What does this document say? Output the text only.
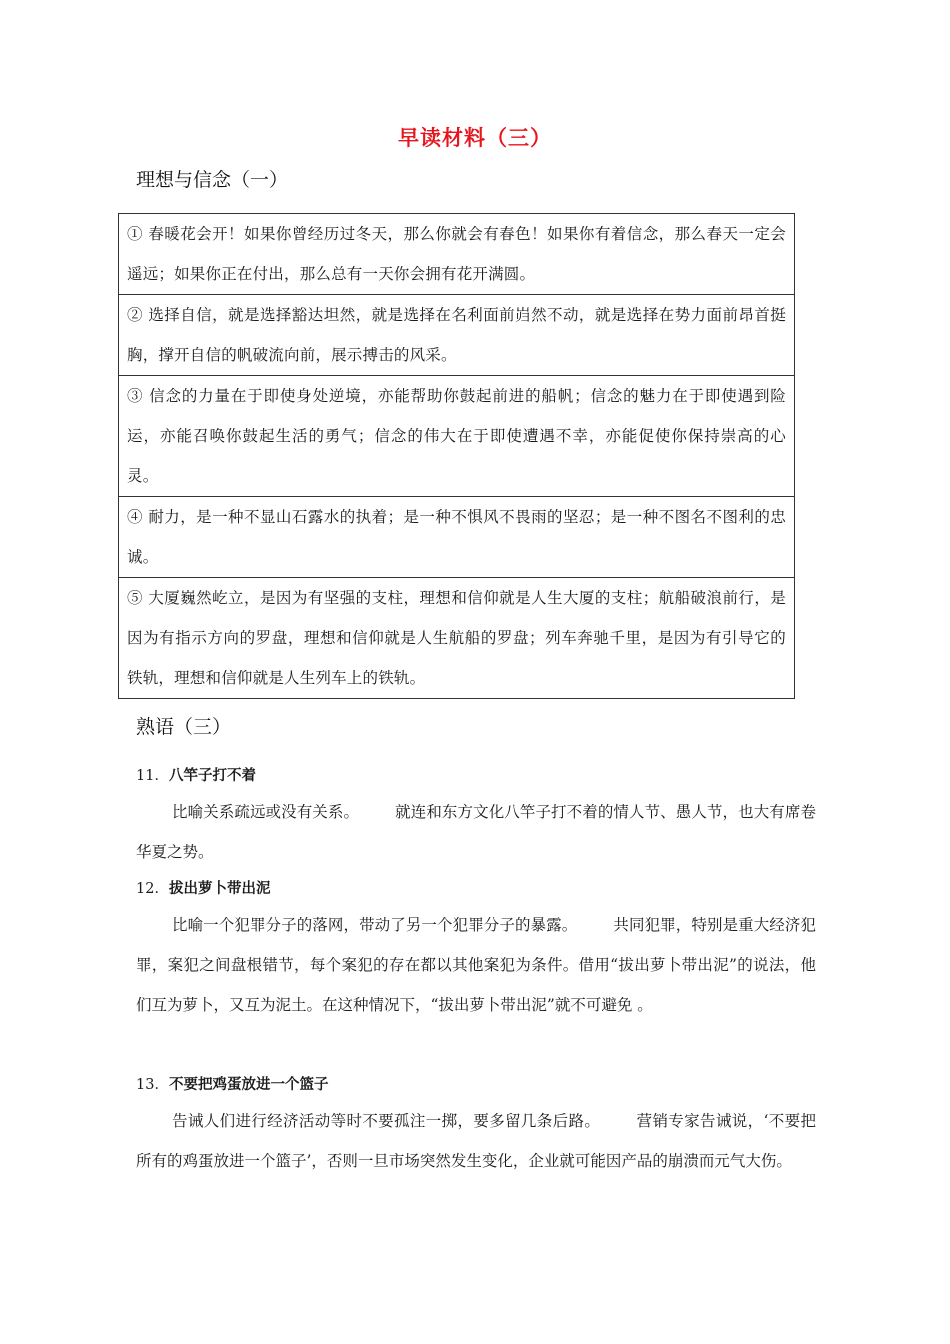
早读材料（三）
理想与信念（一）
① 春暖花会开！如果你曾经历过冬天，那么你就会有春色！如果你有着信念，那么春天一定会遥远；如果你正在付出，那么总有一天你会拥有花开满圆。
② 选择自信，就是选择豁达坦然，就是选择在名利面前岿然不动，就是选择在势力面前昂首挺胸，撑开自信的帆破流向前，展示搏击的风采。
③ 信念的力量在于即使身处逆境，亦能帮助你鼓起前进的船帆；信念的魅力在于即使遇到险运，亦能召唤你鼓起生活的勇气；信念的伟大在于即使遭遇不幸，亦能促使你保持崇高的心灵。
④ 耐力，是一种不显山石露水的执着；是一种不惧风不畏雨的坚忍；是一种不图名不图利的忠诚。
⑤ 大厦巍然屹立，是因为有坚强的支柱，理想和信仰就是人生大厦的支柱；航船破浪前行，是因为有指示方向的罗盘，理想和信仰就是人生航船的罗盘；列车奔驰千里，是因为有引导它的铁轨，理想和信仰就是人生列车上的铁轨。
熟语（三）
11．八竿子打不着
比喻关系疏远或没有关系。 就连和东方文化八竿子打不着的情人节、愚人节，也大有席卷华夏之势。
12．拔出萝卜带出泥
比喻一个犯罪分子的落网，带动了另一个犯罪分子的暴露。 共同犯罪，特别是重大经济犯罪，案犯之间盘根错节，每个案犯的存在都以其他案犯为条件。借用“拔出萝卜带出泥”的说法，他们互为萝卜，又互为泥土。在这种情况下，“拔出萝卜带出泥”就不可避免 。
13．不要把鸡蛋放进一个篮子
告诫人们进行经济活动等时不要孤注一掷，要多留几条后路。 营销专家告诫说，‘不要把所有的鸡蛋放进一个篮子’，否则一旦市场突然发生变化，企业就可能因产品的崩溃而元气大伤。
